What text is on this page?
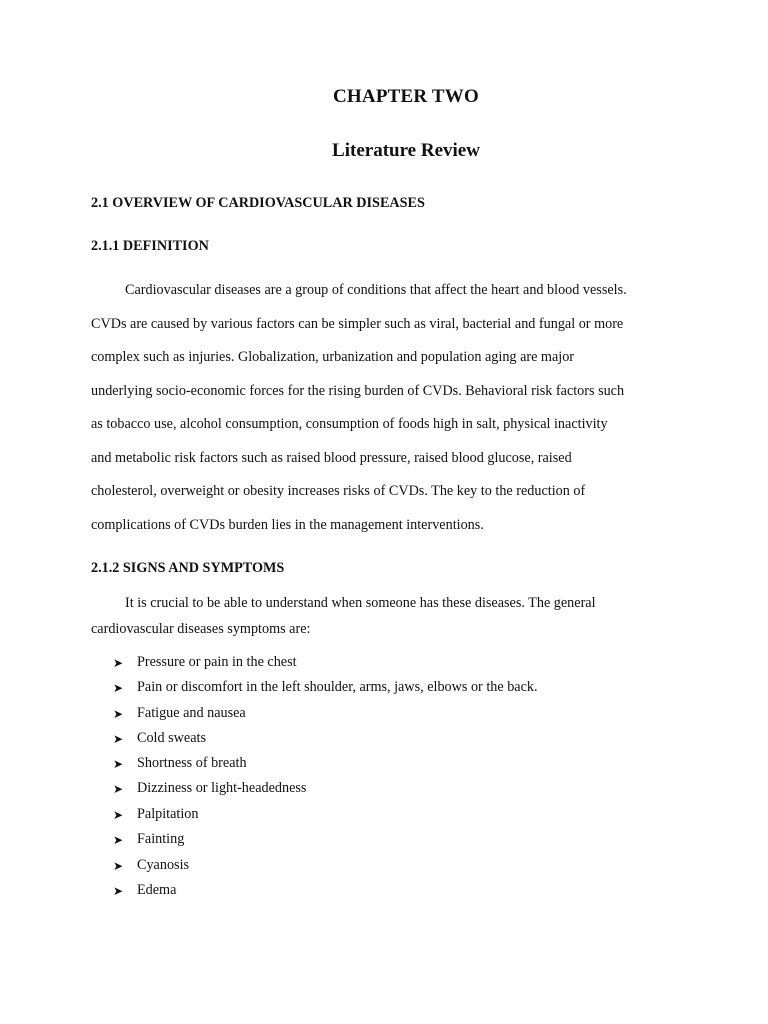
CHAPTER TWO
Literature Review
2.1 OVERVIEW OF CARDIOVASCULAR DISEASES
2.1.1 DEFINITION

Cardiovascular diseases are a group of conditions that affect the heart and blood vessels.

CVDs are caused by various factors can be simpler such as viral, bacterial and fungal or more

complex such as injuries. Globalization, urbanization and population aging are major

underlying socio-economic forces for the rising burden of CVDs. Behavioral risk factors such

as tobacco use, alcohol consumption, consumption of foods high in salt, physical inactivity

and metabolic risk factors such as raised blood pressure, raised blood glucose, raised

cholesterol, overweight or obesity increases risks of CVDs. The key to the reduction of

complications of CVDs burden lies in the management interventions.

2.1.2 SIGNS AND SYMPTOMS

It is crucial to be able to understand when someone has these diseases. The general

cardiovascular diseases symptoms are:

➤ Pressure or pain in the chest
➤ Pain or discomfort in the left shoulder, arms, jaws, elbows or the back.
➤ Fatigue and nausea
➤ Cold sweats
➤ Shortness of breath
➤ Dizziness or light-headedness
➤ Palpitation
➤ Fainting
➤ Cyanosis
➤ Edema
